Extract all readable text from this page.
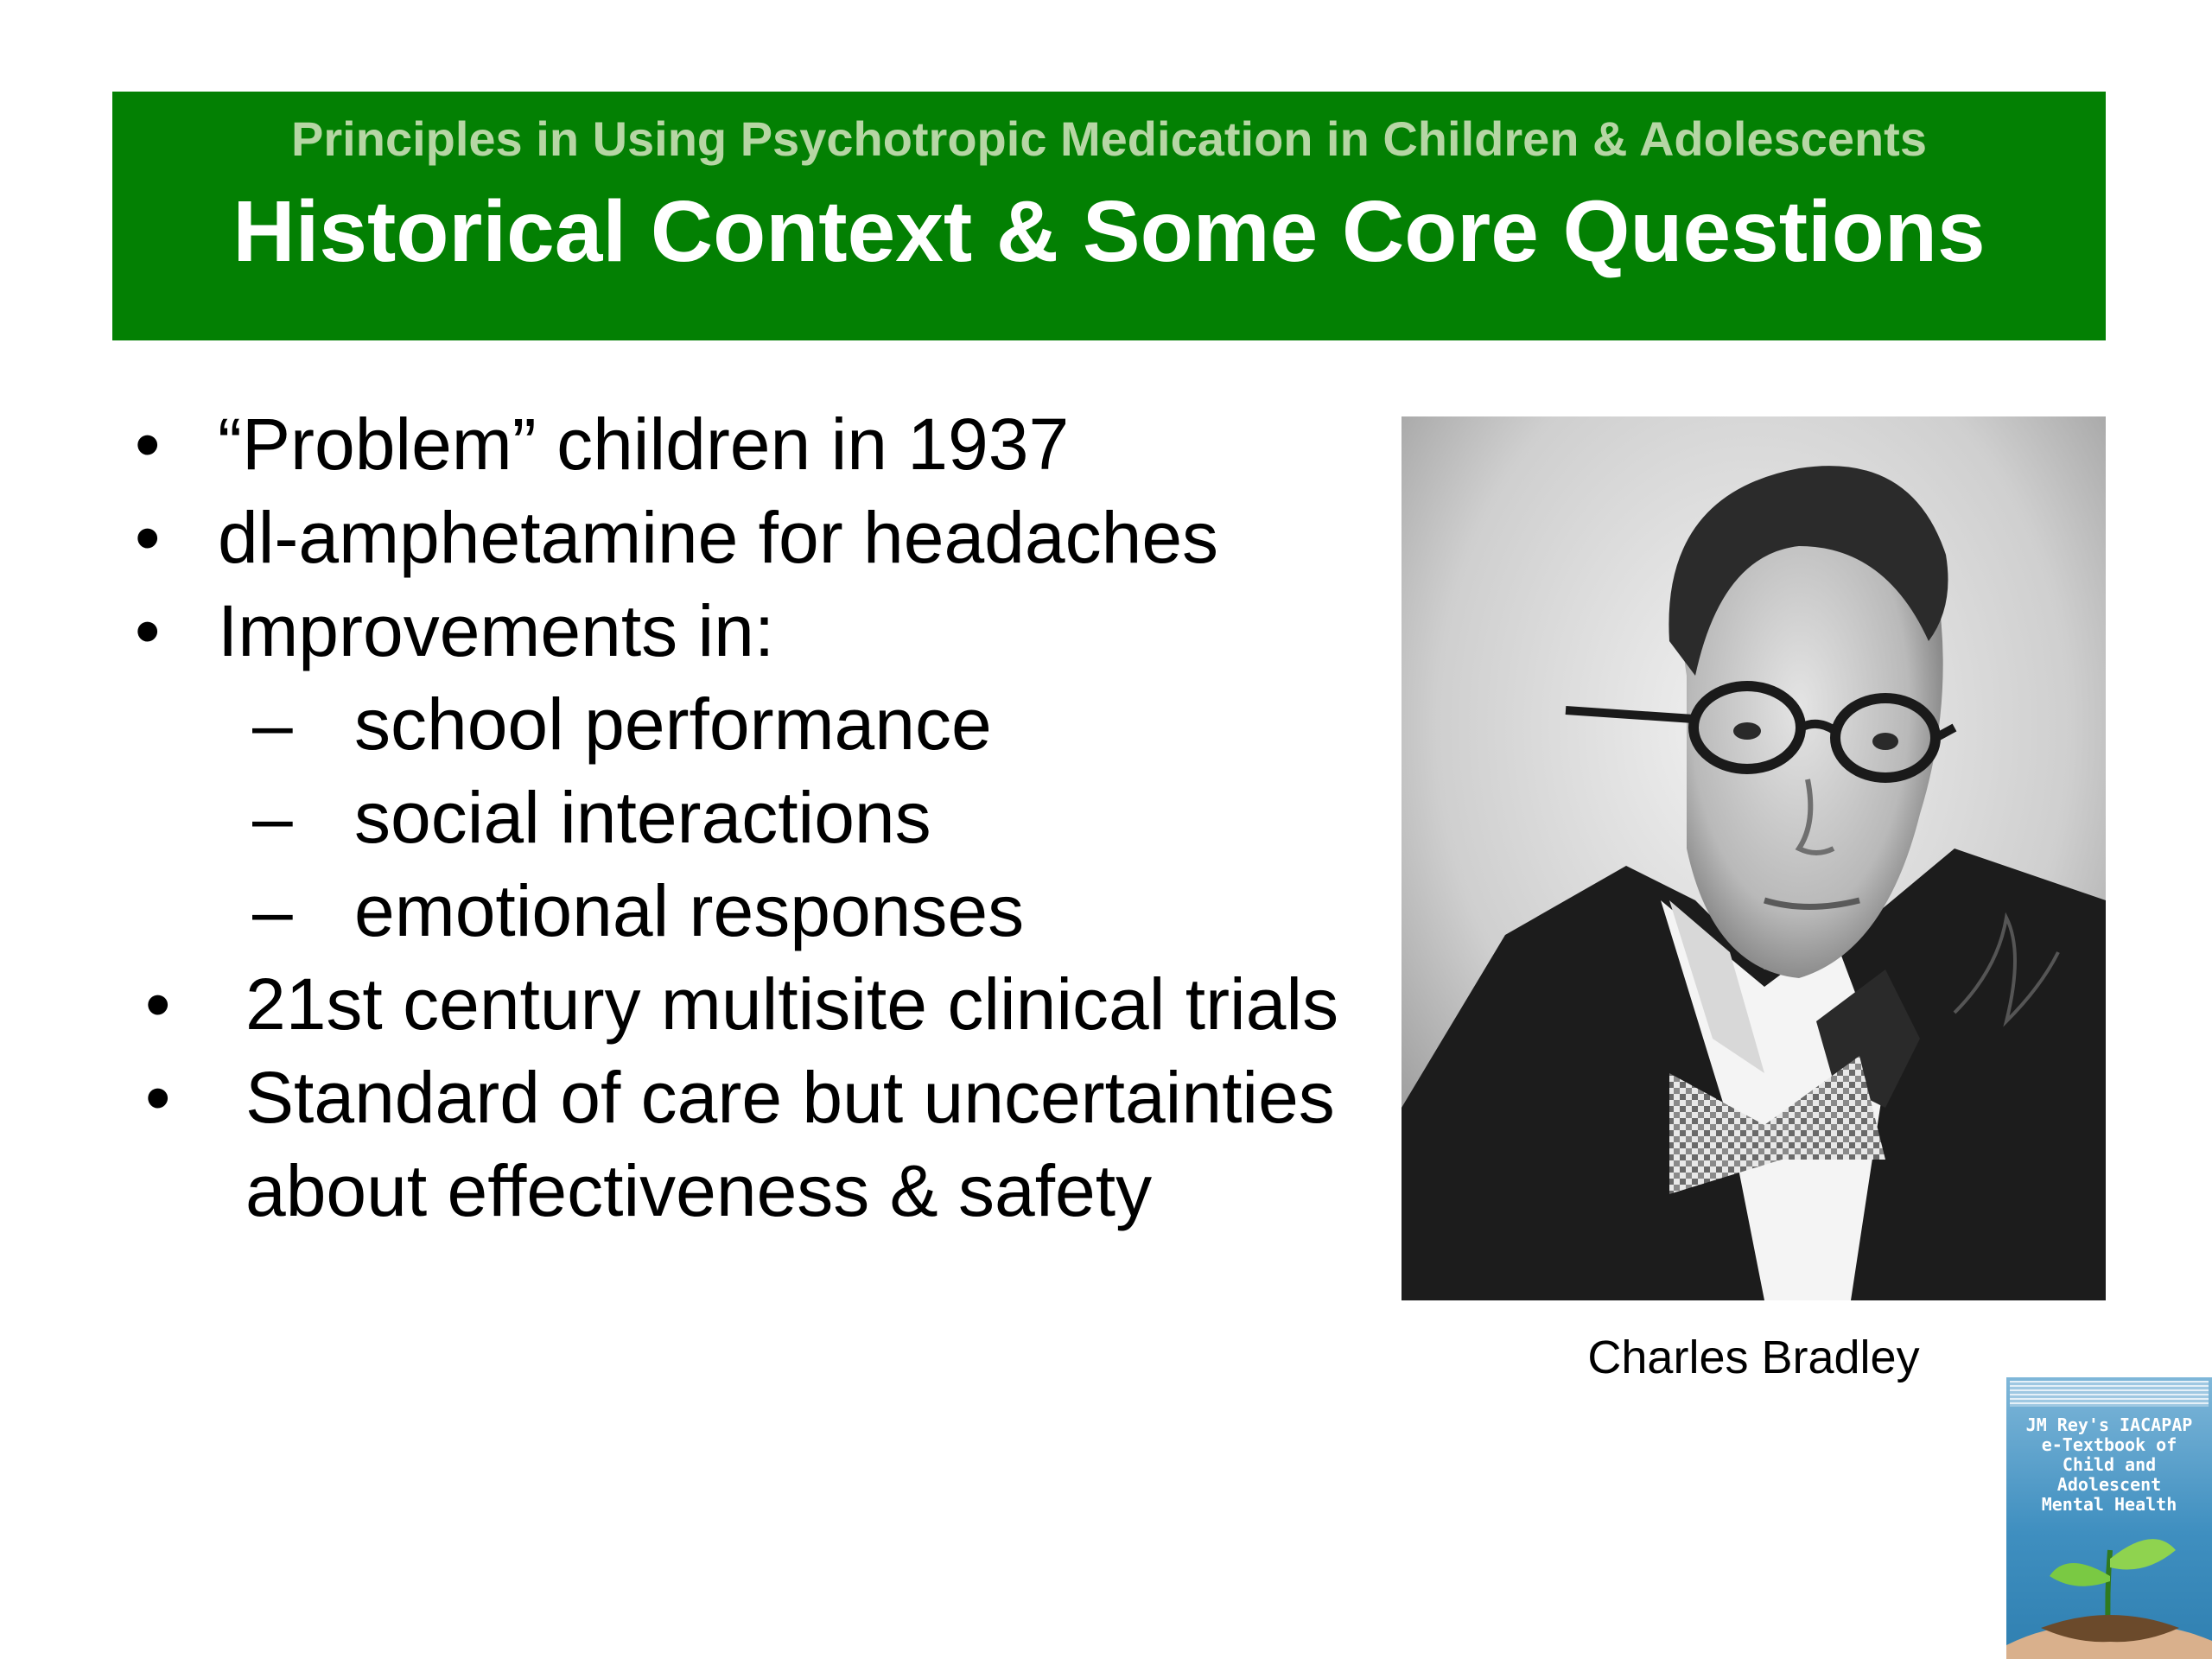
Principles in Using Psychotropic Medication in Children & Adolescents
Historical Context & Some Core Questions
• “Problem” children in 1937
• dl-amphetamine for headaches
• Improvements in:
– school performance
– social interactions
– emotional responses
• 21st century multisite clinical trials
• Standard of care but uncertainties about effectiveness & safety
Charles Bradley
JM Rey's IACAPAP
e-Textbook of
Child and Adolescent
Mental Health
